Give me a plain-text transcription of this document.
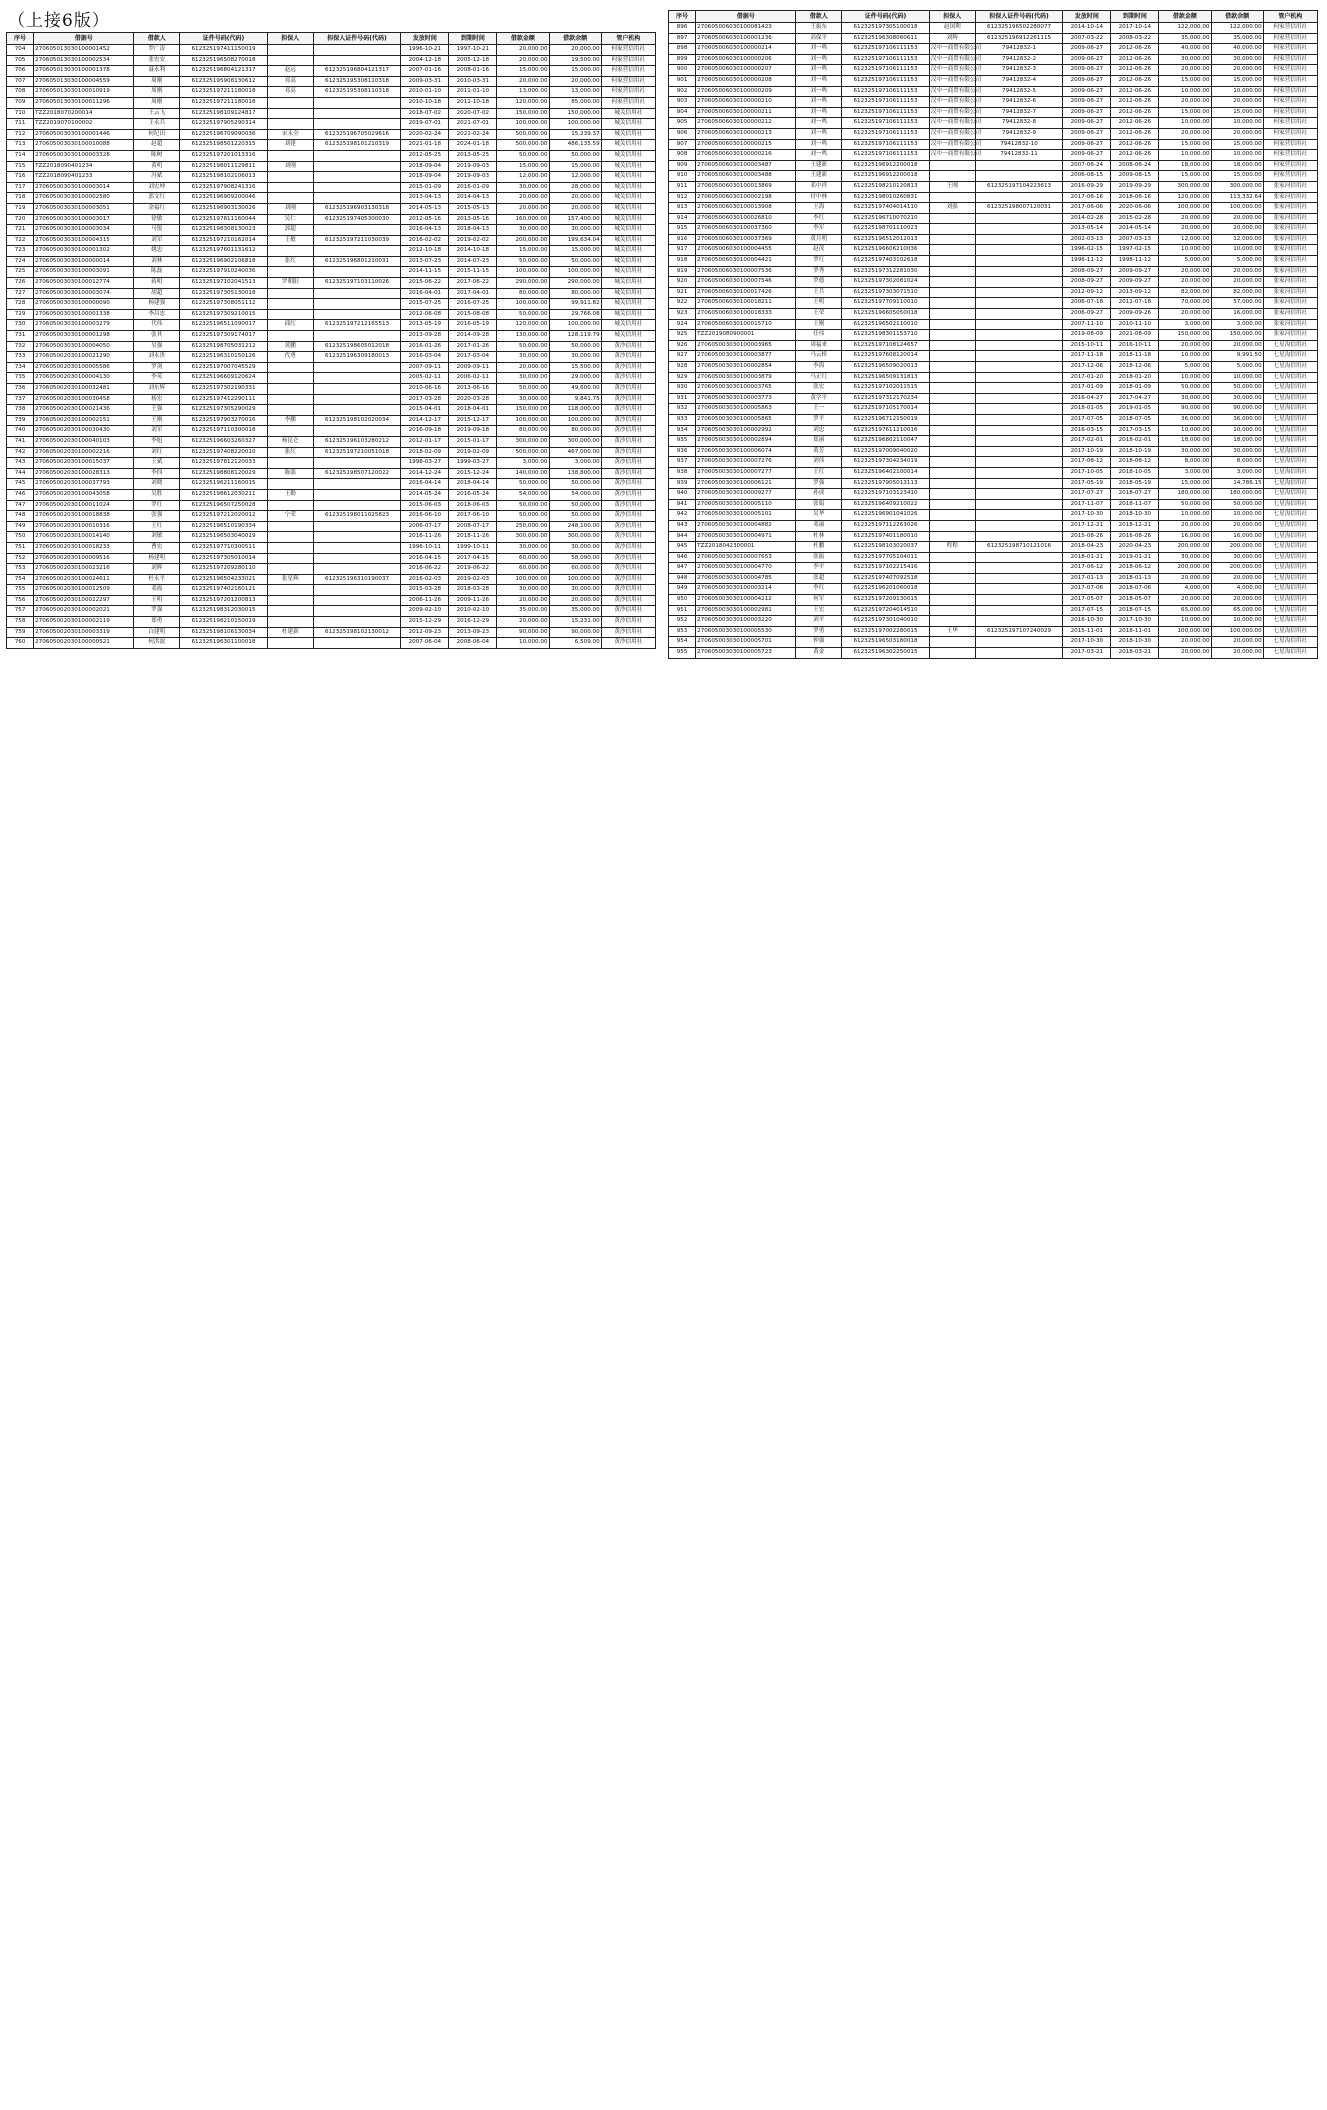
（上接6版）
序号	借据号	借款人	证件号码(代码)	担保人	担保人证件号码(代码)	发放时间	到期时间	借款金额	借款余额	管户机构
704	270605013030100001452	罗广涛	612325197411150019			1996-10-21	1997-10-21	20,000.00	20,000.00	何家营信用社
705	270605013030100002534	张宏安	612325196508270018			2004-12-18	2005-12-18	20,000.00	19,500.00	何家营信用社
706	270605013030100001378	聂永利	612325196804121317	赵远	612325196804121317	2007-01-16	2008-01-16	15,000.00	15,000.00	何家营信用社
707	270605013030100004559	周刚	612325195908130612	邓高	612325195308110318	2009-03-31	2010-03-31	20,000.00	20,000.00	何家营信用社
708	270605013030100010919	周刚	612325197211180018	邓高	612325195308110318	2010-01-10	2011-01-10	13,000.00	13,000.00	何家营信用社
709	270605013030100011296	周刚	612325197211180018			2010-10-18	2011-10-18	120,000.00	85,000.00	何家营信用社
710	TZZ2018070200014	王云飞	612325198109124817			2018-07-02	2020-07-02	150,000.00	150,000.00	城关信用社
711	TZZ2019070100002	王永兵	612325197905290314			2019-07-01	2021-07-01	100,000.00	100,000.00	城关信用社
712	270605003030100001446	何纪田	612325196709090036	宋永全	612325196705029616	2020-02-24	2021-02-24	500,000.00	15,239.37	城关信用社
713	270605003030100010088	赵超	612325198501220315	刘建	612325198101210319	2021-01-18	2024-01-18	500,000.00	486,135.59	城关信用社
714	270605003030100003328	陈树	612325197201013316			2012-05-25	2013-05-25	50,000.00	50,000.00	城关信用社
715	TZZ2018090401234	黄明	612325198011129811	刘刚		2018-09-04	2019-09-03	15,000.00	15,000.00	城关信用社
716	TZZ2018090401233	冯斌	612325198102106013			2018-09-04	2019-09-03	12,000.00	12,000.00	城关信用社
717	270605003030100003014	刘宏坤	612325197908241316			2015-01-09	2016-01-09	30,000.00	28,000.00	城关信用社
718	270605003030100002580	郭文红	612325196909200046			2013-04-13	2014-04-13	20,000.00	20,000.00	城关信用社
719	270605003030100003051	余福红	612325196903130026	刘刚	612325196903130318	2014-05-13	2015-05-13	20,000.00	20,000.00	城关信用社
720	270605003030100003017	徐敏	612325197811160044	吴仁	612325197405300030	2012-05-16	2013-05-16	160,000.00	157,400.00	城关信用社
721	270605003030100003034	马锐	612325198308130023	郭超		2016-04-13	2018-04-13	30,000.00	30,000.00	城关信用社
722	270605003030100004315	刘军	612325197210162014	王敏	612325197211030039	2016-02-02	2019-02-02	200,000.00	199,634.04	城关信用社
723	270605003030100001302	姚忠	612325197601131612			2012-10-18	2014-10-18	15,000.00	15,000.00	城关信用社
724	270605003030100000014	刘林	612325196902106818	张红	612325196801210031	2013-07-23	2014-07-23	50,000.00	50,000.00	城关信用社
725	270605003030100003091	陈磊	612325197910240036			2014-11-15	2015-11-15	100,000.00	100,000.00	城关信用社
726	270605003030100012774	蒋明	612325197102041513	罗朝阳	612325197103110026	2015-06-22	2017-06-22	290,000.00	290,000.00	城关信用社
727	270605003030100003074	胡超	612325197305130018			2016-04-01	2017-04-01	80,000.00	80,000.00	城关信用社
728	270605003030100000090	杨建强	612325197308051112			2015-07-25	2016-07-25	100,000.00	99,911.82	城关信用社
729	270605003030100001338	李昌忠	612325197309210015			2012-06-08	2015-08-08	50,000.00	29,766.08	城关信用社
730	270605003030100003279	代伟	612325196511090017	邱红	612325197212165513	2013-05-19	2016-05-19	120,000.00	100,000.00	城关信用社
731	270605003030100001298	张其	612325197309174017			2013-09-28	2014-09-28	130,000.00	128,119.79	城关信用社
732	270605003030100004050	吴强	612325198705031212	黄鹏	612325198605012018	2016-01-26	2017-01-26	50,000.00	50,000.00	黄沙信用社
733	270605002030100021290	刘永贵	612325196310150126	代勇	612325196309180013	2016-03-04	2017-03-04	30,000.00	30,000.00	黄沙信用社
734	270605002030100005586	罗剑	612325197007045529			2007-09-11	2009-09-11	20,000.00	15,500.00	黄沙信用社
735	270605002030100004130	李英	612325196609120624			2005-02-11	2006-02-11	30,000.00	29,000.00	黄沙信用社
736	270605002030100032481	刘东辉	612325197302190331			2010-06-16	2013-06-16	50,000.00	49,600.00	黄沙信用社
737	270605002030100030458	杨宏	612325197412290111			2017-03-28	2020-03-28	30,000.00	9,841.75	黄沙信用社
738	270605002030100021436	王强	612325197305290029			2015-04-01	2018-04-01	150,000.00	118,000.00	黄沙信用社
739	270605002030100002151	王刚	612325197903270016	李鹏	612325198102020034	2014-12-17	2015-12-17	100,000.00	100,000.00	黄沙信用社
740	270605002030100030430	刘军	612325197110300018			2016-09-18	2019-09-18	80,000.00	80,000.00	黄沙信用社
741	270605002030100040103	李旭	612325196603260327	杨昆仑	612325196103280212	2012-01-17	2015-01-17	300,000.00	300,000.00	黄沙信用社
742	270605002030100002216	刘红	612325197408220010	张红	612325197210051018	2018-02-09	2019-02-09	500,000.00	467,000.00	黄沙信用社
743	270605002030100015037	王斌	612325197812120033			1998-03-27	1999-03-27	3,000.00	3,000.00	黄沙信用社
744	270605002030100028313	李四	612325198808120029	陈强	612325198507120022	2014-12-24	2015-12-24	140,000.00	138,800.00	黄沙信用社
745	270605002030100037793	刘晓	612325196211160015			2016-04-14	2018-04-14	50,000.00	50,000.00	黄沙信用社
746	270605002030100043058	吴胜	612325198612030211	王勤		2014-05-24	2016-05-24	54,000.00	54,000.00	黄沙信用社
747	270605002030100011024	罗红	612325196507250028			2015-06-03	2018-06-03	50,000.00	50,000.00	黄沙信用社
748	270605002030100018838	张强	612325197212020012	宁荣	612325198011025823	2016-06-10	2017-06-10	50,000.00	50,000.00	黄沙信用社
749	270605002030100010316	王红	612325196510190334			2006-07-17	2008-07-17	250,000.00	248,100.00	黄沙信用社
750	270605002030100014140	刘敏	612325196503040019			2016-11-26	2018-11-26	300,000.00	300,000.00	黄沙信用社
751	270605002030100018233	曹宏	612325197710300511			1996-10-11	1999-10-11	30,000.00	30,000.00	黄沙信用社
752	270605002030100009516	杨建明	612325197305010014			2016-04-15	2017-04-15	60,000.00	58,090.00	黄沙信用社
753	270605002030100023216	刘辉	612325197209280110			2016-06-22	2019-06-22	60,000.00	60,000.00	黄沙信用社
754	270605002030100024611	杜永平	612325196504233021	张星辉	612325196310190037	2016-02-03	2019-02-03	100,000.00	100,000.00	黄沙信用社
755	270605002030100012509	邓霞	612325197402160121			2015-03-28	2018-03-28	30,000.00	30,000.00	黄沙信用社
756	270605002030100022297	王明	612325197201200813			2006-11-26	2009-11-26	20,000.00	20,000.00	黄沙信用社
757	270605002030100002021	罗强	612325198312030015			2009-02-10	2010-02-10	35,000.00	35,000.00	黄沙信用社
758	270605002030100002119	郑勇	612325198210150019			2015-12-29	2016-12-29	20,000.00	15,231.00	黄沙信用社
759	270605002030100003319	白建明	612325198106130034	杜建新	612325198102130012	2012-09-23	2013-09-23	90,000.00	90,000.00	黄沙信用社
760	270605002030100000521	何洪波	612325196301100018			2007-06-04	2008-06-04	10,000.00	6,509.00	黄沙信用社
序号	借据号	借款人	证件号码(代码)	担保人	担保人证件号码(代码)	发放时间	到期时间	借款金额	借款余额	管户机构
896	270605006030100081423	王振东	612325197305100018	赵国利	612325196502280077	2014-10-14	2017-10-14	122,000.00	122,000.00	何家营信用社
897	270605006030100001236	高保平	612325196308060611	刘辉	612325196912261115	2007-03-22	2008-03-22	35,000.00	35,000.00	何家营信用社
898	270605006030100000214	刘一鸣	612325197106111153	汉中一商贸有限公司	79412832-1	2009-06-27	2012-06-26	40,000.00	40,000.00	何家营信用社
899	270605006030100000206	刘一鸣	612325197106111153	汉中一商贸有限公司	79412832-2	2009-06-27	2012-06-26	30,000.00	30,000.00	何家营信用社
900	270605006030100000207	刘一鸣	612325197106111153	汉中一商贸有限公司	79412832-3	2009-06-27	2012-06-26	20,000.00	20,000.00	何家营信用社
901	270605006030100000208	刘一鸣	612325197106111153	汉中一商贸有限公司	79412832-4	2009-06-27	2012-06-26	15,000.00	15,000.00	何家营信用社
902	270605006030100000209	刘一鸣	612325197106111153	汉中一商贸有限公司	79412832-5	2009-06-27	2012-06-26	10,000.00	10,000.00	何家营信用社
903	270605006030100000210	刘一鸣	612325197106111153	汉中一商贸有限公司	79412832-6	2009-06-27	2012-06-26	20,000.00	20,000.00	何家营信用社
904	270605006030100000211	刘一鸣	612325197106111153	汉中一商贸有限公司	79412832-7	2009-06-27	2012-06-26	15,000.00	15,000.00	何家营信用社
905	270605006030100000212	刘一鸣	612325197106111153	汉中一商贸有限公司	79412832-8	2009-06-27	2012-06-26	10,000.00	10,000.00	何家营信用社
906	270605006030100000213	刘一鸣	612325197106111153	汉中一商贸有限公司	79412832-9	2009-06-27	2012-06-26	20,000.00	20,000.00	何家营信用社
907	270605006030100000215	刘一鸣	612325197106111153	汉中一商贸有限公司	79412832-10	2009-06-27	2012-06-26	15,000.00	15,000.00	何家营信用社
908	270605006030100000216	刘一鸣	612325197106111153	汉中一商贸有限公司	79412832-11	2009-06-27	2012-06-26	10,000.00	10,000.00	何家营信用社
909	270605006030100003487	王建新	612325196912200018			2007-06-24	2008-06-24	18,000.00	18,000.00	何家营信用社
910	270605006030100003488	王建新	612325196912200018			2006-08-15	2009-08-15	15,000.00	15,000.00	何家营信用社
911	270605006030100013869	邓中祥	612325198210120813	王刚	612325197104223613	2016-09-29	2019-09-29	300,000.00	300,000.00	张家河信用社
912	270605006030100002198	付中林	612325198010260831			2017-06-16	2018-06-16	120,000.00	113,332.64	张家河信用社
913	270605006030100013908	王海	612325197404014110	刘强	612325198007120031	2017-06-06	2020-06-06	100,000.00	100,000.00	张家河信用社
914	270605006030100026810	李红	612325196710070210			2014-02-28	2015-02-28	20,000.00	20,000.00	张家河信用社
915	270605006030100037360	李军	612325198701110023			2013-05-14	2014-05-14	20,000.00	20,000.00	张家河信用社
916	270605006030100037369	黄月明	612325196512012013			2002-03-13	2007-03-13	12,000.00	12,000.00	张家河信用社
917	270605006030100004455	赵茂	612325196606210036			1996-02-15	1997-02-15	10,000.00	10,000.00	张家河信用社
918	270605006030100004421	罗红	612325197403102618			1996-11-12	1998-11-12	5,000.00	5,000.00	张家河信用社
919	270605006030100007536	罗秀	612325197312281030			2008-09-27	2009-09-27	20,000.00	20,000.00	张家河信用社
920	270605006030100007546	罗德	612325197302081024			2008-09-27	2009-09-27	20,000.00	20,000.00	张家河信用社
921	270605006030100017426	王兵	612325197303071510			2012-09-12	2013-09-12	82,000.00	82,000.00	张家河信用社
922	270605006030100018211	王明	612325197709110010			2006-07-18	2011-07-18	70,000.00	57,000.00	张家河信用社
923	270605006030100018333	王荣	612325196605050018			2006-09-27	2009-09-26	20,000.00	16,000.00	张家河信用社
924	270605006030100015710	王刚	612325196502110010			2007-11-10	2010-11-10	3,000.00	3,000.00	张家河信用社
925	TZZ2019080900001	任伟	612325198301153710			2019-08-09	2021-08-09	150,000.00	150,000.00	张家河信用社
926	270605003030100003965	周福来	612325197108124657			2015-10-11	2016-10-11	20,000.00	20,000.00	七星沟信用社
927	270605003030100003877	马云桥	612325197608120014			2017-11-18	2018-11-18	10,000.00	9,991.50	七星沟信用社
928	270605003030100002854	李海	612325196509020013			2017-12-06	2018-12-06	5,000.00	5,000.00	七星沟信用社
929	270605003030100003879	马正红	612325196509131813			2017-01-20	2018-01-20	10,000.00	10,000.00	七星沟信用社
930	270605003030100003765	张宏	612325197102011515			2017-01-09	2018-01-09	50,000.00	50,000.00	七星沟信用社
931	270605003030100003773	黄学平	612325197312170234			2016-04-27	2017-04-27	30,000.00	30,000.00	七星沟信用社
932	270605003030100005863	王一	612325197105170014			2018-01-05	2019-01-05	90,000.00	90,000.00	七星沟信用社
933	270605003030100005865	罗平	612325196712150019			2017-07-05	2018-07-05	36,000.00	36,000.00	七星沟信用社
934	270605003030100002992	刘忠	612325197611210016			2016-03-15	2017-03-15	10,000.00	10,000.00	七星沟信用社
935	270605003030100002894	郑丽	612325196802110047			2017-02-01	2018-02-01	18,000.00	18,000.00	七星沟信用社
936	270605003030100006074	黄芳	612325197009040020			2017-10-19	2018-10-19	30,000.00	30,000.00	七星沟信用社
937	270605003030100007276	刘伟	612325197304234019			2017-08-12	2018-08-12	8,000.00	8,000.00	七星沟信用社
938	270605003030100007277	王红	612325196402100014			2017-10-05	2018-10-05	3,000.00	3,000.00	七星沟信用社
939	270605003030100006121	罗强	612325197905013113			2017-05-19	2018-05-19	15,000.00	14,786.15	七星沟信用社
940	270605003030100009277	孙成	612325197103123410			2017-07-27	2018-07-27	180,000.00	180,000.00	七星沟信用社
941	270605003030100005110	张娟	612325196409210022			2017-11-07	2018-11-07	50,000.00	50,000.00	七星沟信用社
942	270605003030100005101	吴华	612325196901041026			2017-10-30	2018-10-30	10,000.00	10,000.00	七星沟信用社
943	270605003030100004882	邓丽	612325197112263026			2017-12-21	2018-12-21	20,000.00	20,000.00	七星沟信用社
944	270605003030100004971	杜林	612325197401180010			2015-08-26	2016-08-26	16,000.00	16,000.00	七星沟信用社
945	TZZ2018042300001	杜鹏	612325198103020037	程程	612325198710121016	2018-04-23	2020-04-23	200,000.00	200,000.00	七星沟信用社
946	270605003030100007653	张振	612325197705104011			2018-01-21	2019-01-21	30,000.00	30,000.00	七星沟信用社
947	270605003030100004770	李平	612325197102215416			2017-06-12	2018-06-12	200,000.00	200,000.00	七星沟信用社
948	270605003030100004785	张超	612325197407092518			2017-01-13	2018-01-13	20,000.00	20,000.00	七星沟信用社
949	270605003030100003214	李红	612325196201060018			2017-07-06	2018-07-06	4,000.00	4,000.00	七星沟信用社
950	270605003030100004212	何军	612325197209130015			2017-05-07	2018-05-07	20,000.00	20,000.00	七星沟信用社
951	270605003030100002981	王宏	612325197204014510			2017-07-15	2018-07-15	65,000.00	65,000.00	七星沟信用社
952	270605003030100003220	刘平	612325197301040010			2016-10-30	2017-10-30	10,000.00	10,000.00	七星沟信用社
953	270605003030100005530	罗勇	612325197002280015	王华	612325197107240029	2015-11-01	2018-11-01	100,000.00	100,000.00	七星沟信用社
954	270605003030100005701	钟强	612325196503180018			2017-10-30	2018-10-30	20,000.00	20,000.00	七星沟信用社
955	270605003030100005723	黄金	612325196302250015			2017-03-21	2018-03-21	20,000.00	20,000.00	七星沟信用社
